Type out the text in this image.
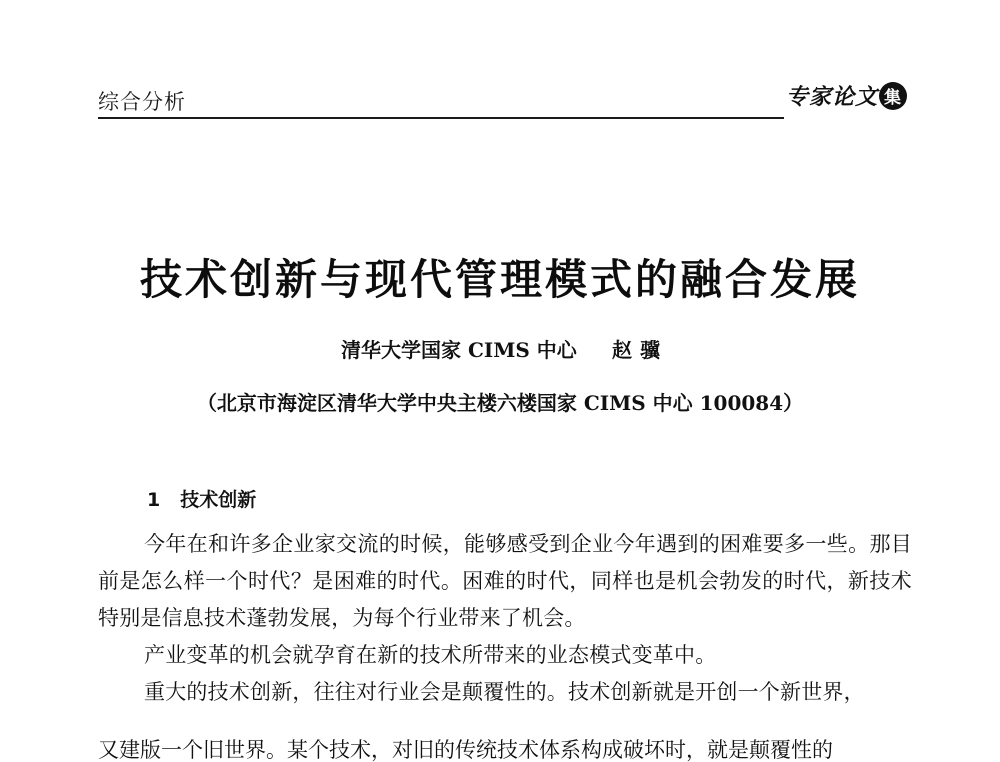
综合分析	专家论文 集
技术创新与现代管理模式的融合发展
清华大学国家 CIMS 中心 赵骥
（北京市海淀区清华大学中央主楼六楼国家 CIMS 中心 100084）
1 技术创新

今年在和许多企业家交流的时候，能够感受到企业今年遇到的困难要多一些。那目前是怎么样一个时代？是困难的时代。困难的时代，同样也是机会勃发的时代，新技术特别是信息技术蓬勃发展，为每个行业带来了机会。

产业变革的机会就孕育在新的技术所带来的业态模式变革中。

重大的技术创新，往往对行业会是颠覆性的。技术创新就是开创一个新世界，

又建版一个旧世界。某个技术，对旧的传统技术体系构成破坏时，就是颠覆性的
